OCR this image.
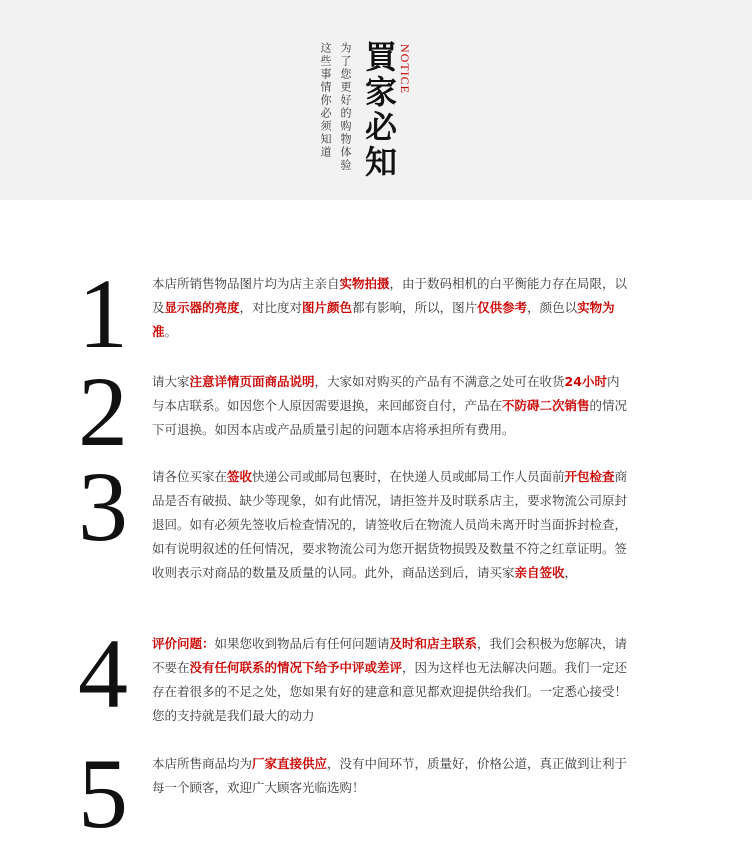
这些事情你必须知道 为了您更好的购物体验 買家必知 NOTICE
1 本店所销售物品图片均为店主亲自实物拍摄，由于数码相机的白平衡能力存在局限，以及显示器的亮度，对比度对图片颜色都有影响，所以，图片仅供参考，颜色以实物为准。
2 请大家注意详情页面商品说明，大家如对购买的产品有不满意之处可在收货24小时内与本店联系。如因您个人原因需要退换，来回邮资自付，产品在不防碍二次销售的情况下可退换。如因本店或产品质量引起的问题本店将承担所有费用。
3 请各位买家在签收快递公司或邮局包裹时，在快递人员或邮局工作人员面前开包检查商品是否有破损、缺少等现象，如有此情况，请拒签并及时联系店主，要求物流公司原封退回。如有必须先签收后检查情况的，请签收后在物流人员尚未离开时当面拆封检查，如有说明叙述的任何情况，要求物流公司为您开据货物损毁及数量不符之红章证明。签收则表示对商品的数量及质量的认同。此外，商品送到后，请买家亲自签收，
4 评价问题：如果您收到物品后有任何问题请及时和店主联系，我们会积极为您解决，请不要在没有任何联系的情况下给予中评或差评，因为这样也无法解决问题。我们一定还存在着很多的不足之处，您如果有好的建意和意见都欢迎提供给我们。一定悉心接受！您的支持就是我们最大的动力
5 本店所售商品均为厂家直接供应，没有中间环节，质量好，价格公道，真正做到让利于每一个顾客，欢迎广大顾客光临选购！
